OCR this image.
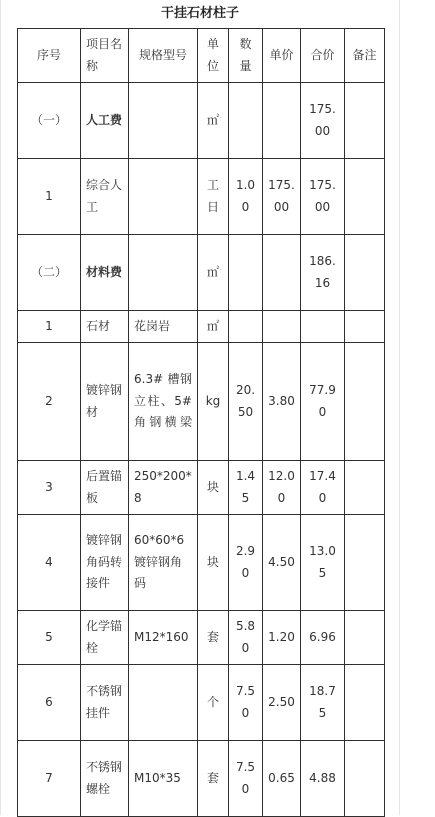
干挂石材柱子
序号	项目名称	规格型号	单位	数量	单价	合价	备注
（一）	人工费		㎡			175.00	
1	综合人工		工日	1.00	175.00	175.00	
（二）	材料费		㎡			186.16	
1	石材	花岗岩	㎡				
2	镀锌钢材	6.3# 槽钢立柱、5# 角钢横梁	kg	20.50	3.80	77.90	
3	后置锚板	250*200*8	块	1.45	12.00	17.40	
4	镀锌钢角码转接件	60*60*6镀锌钢角码	块	2.90	4.50	13.05	
5	化学锚栓	M12*160	套	5.80	1.20	6.96	
6	不锈钢挂件		个	7.50	2.50	18.75	
7	不锈钢螺栓	M10*35	套	7.50	0.65	4.88	
